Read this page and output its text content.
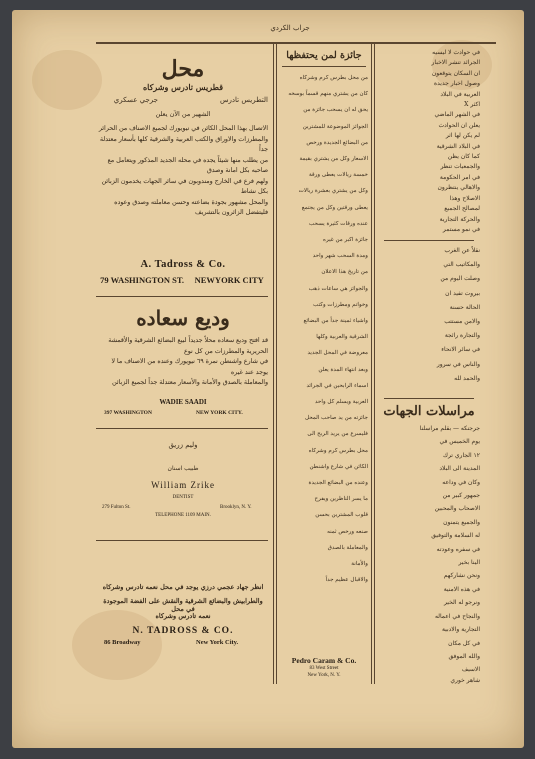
جراب الكردي
محل
قطريس تادرس وشركاه
التطريس تادرس
جرجي عسكري
الشهير من الآن يعلن
الاتصال بهذا المحل الكائن في نيويورك لجميع الاصناف من الحرائر والمطرزات والاوراق والكتب العربية والشرقية كلها بأسعار معتدلة جداً
من يطلب منها شيئاً يجده في محله الجديد المذكور ويتعامل مع صاحبه بكل امانة وصدق
ولهم فرع في الخارج ومندوبون في سائر الجهات يخدمون الزبائن بكل نشاط
والمحل مشهور بجودة بضاعته وحسن معاملته وصدق وعوده
فليتفضل الزائرون بالتشريف
A. Tadross & Co.
79 WASHINGTON ST.     NEWYORK CITY
وديع سعاده
قد افتح وديع سعاده محلاً جديداً لبيع البضائع الشرقية والأقمشة الحريرية والمطرزات من كل نوع
في شارع واشنطن نمرة ٦٩ نيويورك وعنده من الاصناف ما لا يوجد عند غيره
والمعاملة بالصدق والأمانة والأسعار معتدلة جداً لجميع الزبائن
WADIE SAADI
397 WASHINGTON	NEW YORK CITY.
وليم زريق
طبيب اسنان
William Zrike
DENTIST
279 Fulton St.	Brooklyn, N. Y.
TELEPHONE 1109 MAIN.
انظر جهاد عجمي درزي يوجد في محل نعمه تادرس وشركاه
والطرابيش والبضائع الشرقية والنقش على الفضة الموجودة في محل
نعمه تادرس وشركاه
N. TADROSS & CO.
86 Broadway	New York City.
جائزة لمن يحتفظها
من محل بطرس كرم وشركاه
كان من يشتري منهم قسماً بوسخه
يحق له ان يسحب جائزة من
الجوائز الموضوعة للمشترين
من البضائع الجديدة ورخص
الاسعار وكل من يشتري بقيمة
خمسة ريالات يعطى ورقة
وكل من يشتري بعشرة ريالات
يعطى ورقتين وكل من يجتمع
عنده ورقات كثيرة يسحب
جائزة اكبر من غيره
ومدة السحب شهر واحد
من تاريخ هذا الاعلان
والجوائز هي ساعات ذهب
وخواتم ومطرزات وكتب
واشياء ثمينة جداً من البضائع
الشرقية والعربية وكلها
معروضة في المحل الجديد
وبعد انتهاء المدة يعلن
اسماء الرابحين في الجرائد
العربية ويسلم كل واحد
جائزته من يد صاحب المحل
فليسرع من يريد الربح الى
محل بطرس كرم وشركاه
الكائن في شارع واشنطن
وعنده من البضائع الجديدة
ما يسر الناظرين ويفرح
قلوب المشترين بحسن
صنعه ورخص ثمنه
والمعاملة بالصدق
والأمانة
والاقبال عظيم جداً
Pedro Caram & Co.
83 West Street
New York, N. Y.
في حوادث لا ليسيه
الجرائد تنشر الاخبار
ان السكان يتوقعون
وصول اخبار جديدة
العربية في البلاد
اكثر X
في الشهر الماضي
يعلن ان الحوادث
لم يكن لها اثر
في البلاد الشرقية
كما كان يظن
والجمعيات تنظر
في امر الحكومة
والاهالي ينتظرون
الاصلاح وهذا
لمصالح الجميع
والحركة التجارية
في نمو مستمر
نقلاً عن الغرب
والمكاتيب التي
وصلت اليوم من
بيروت تفيد ان
الحالة حسنة
والامن مستتب
والتجارة رائجة
في سائر الانحاء
والناس في سرور
والحمد لله
مراسلات الجهات
جرجنكه — بقلم مراسلنا
يوم الخميس في
١٢ الجاري ترك
المدينة الى البلاد
وكان في وداعه
جمهور كبير من
الاصحاب والمحبين
والجميع يتمنون
له السلامة والتوفيق
في سفره وعودته
الينا بخير
ونحن نشاركهم
في هذه الامنية
ونرجو له الخير
والنجاح في اعماله
التجارية والادبية
في كل مكان
والله الموفق
الاسيف
شاهر خوري
